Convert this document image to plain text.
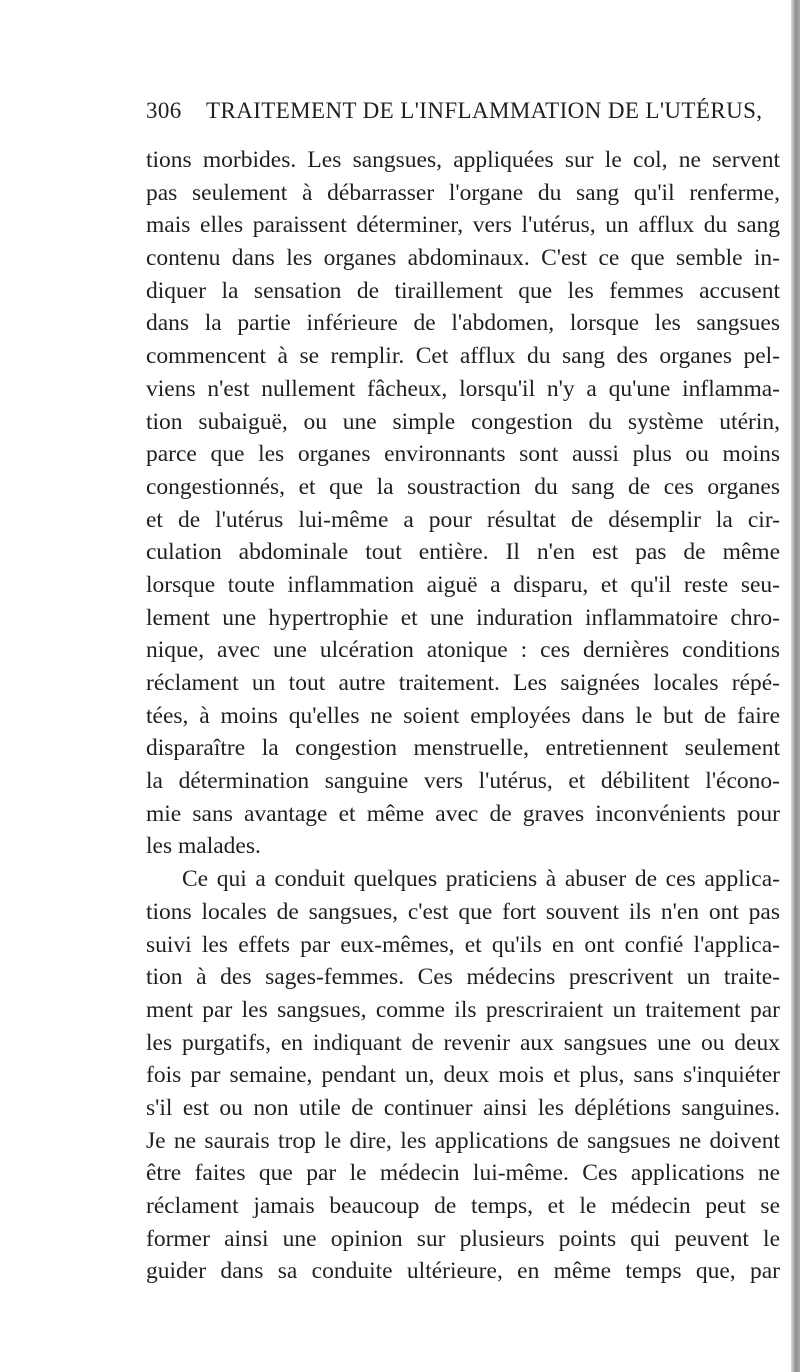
306 TRAITEMENT DE L'INFLAMMATION DE L'UTÉRUS,
tions morbides. Les sangsues, appliquées sur le col, ne servent
pas seulement à débarrasser l'organe du sang qu'il renferme,
mais elles paraissent déterminer, vers l'utérus, un afflux du sang
contenu dans les organes abdominaux. C'est ce que semble in-
diquer la sensation de tiraillement que les femmes accusent
dans la partie inférieure de l'abdomen, lorsque les sangsues
commencent à se remplir. Cet afflux du sang des organes pel-
viens n'est nullement fâcheux, lorsqu'il n'y a qu'une inflamma-
tion subaiguë, ou une simple congestion du système utérin,
parce que les organes environnants sont aussi plus ou moins
congestionnés, et que la soustraction du sang de ces organes
et de l'utérus lui-même a pour résultat de désemplir la cir-
culation abdominale tout entière. Il n'en est pas de même
lorsque toute inflammation aiguë a disparu, et qu'il reste seu-
lement une hypertrophie et une induration inflammatoire chro-
nique, avec une ulcération atonique : ces dernières conditions
réclament un tout autre traitement. Les saignées locales répé-
tées, à moins qu'elles ne soient employées dans le but de faire
disparaître la congestion menstruelle, entretiennent seulement
la détermination sanguine vers l'utérus, et débilitent l'écono-
mie sans avantage et même avec de graves inconvénients pour
les malades.
Ce qui a conduit quelques praticiens à abuser de ces applica-
tions locales de sangsues, c'est que fort souvent ils n'en ont pas
suivi les effets par eux-mêmes, et qu'ils en ont confié l'applica-
tion à des sages-femmes. Ces médecins prescrivent un traite-
ment par les sangsues, comme ils prescriraient un traitement par
les purgatifs, en indiquant de revenir aux sangsues une ou deux
fois par semaine, pendant un, deux mois et plus, sans s'inquiéter
s'il est ou non utile de continuer ainsi les déplétions sanguines.
Je ne saurais trop le dire, les applications de sangsues ne doivent
être faites que par le médecin lui-même. Ces applications ne
réclament jamais beaucoup de temps, et le médecin peut se
former ainsi une opinion sur plusieurs points qui peuvent le
guider dans sa conduite ultérieure, en même temps que, par
